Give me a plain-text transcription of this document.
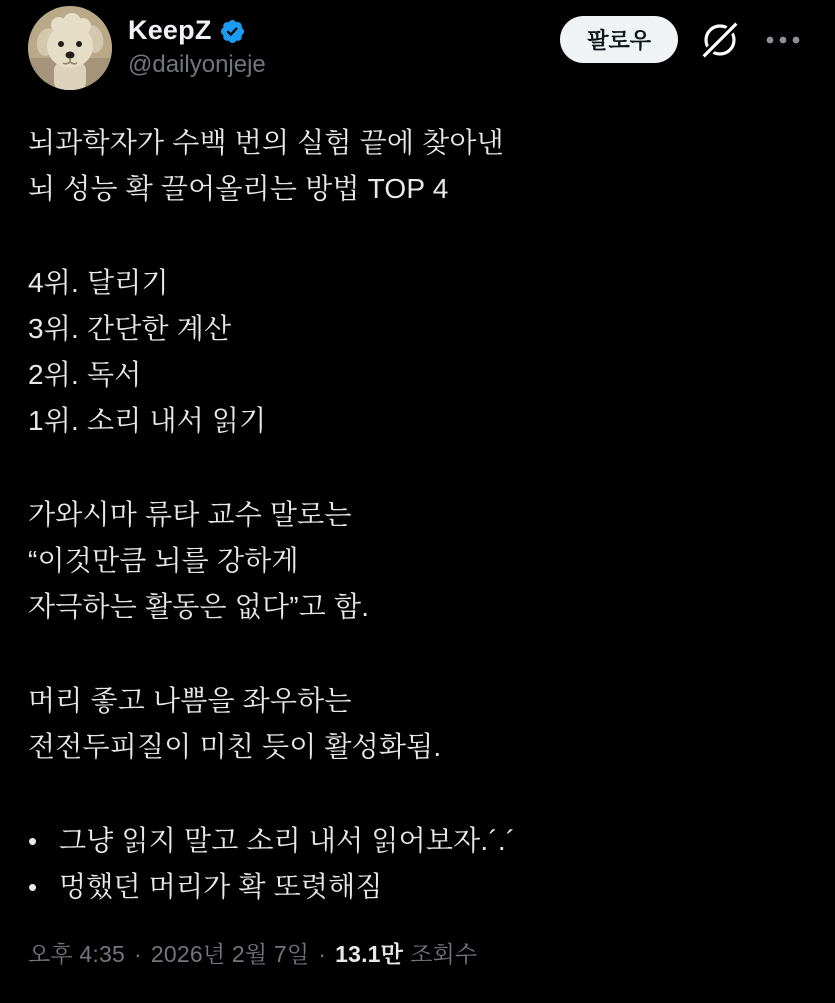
KeepZ
@dailyonjeje
팔로우

뇌과학자가 수백 번의 실험 끝에 찾아낸
뇌 성능 확 끌어올리는 방법 TOP 4

4위. 달리기
3위. 간단한 계산
2위. 독서
1위. 소리 내서 읽기

가와시마 류타 교수 말로는
“이것만큼 뇌를 강하게
자극하는 활동은 없다”고 함.

머리 좋고 나쁨을 좌우하는
전전두피질이 미친 듯이 활성화됨.

• 그냥 읽지 말고 소리 내서 읽어보자.´.´
• 멍했던 머리가 확 또렷해짐
오후 4:35 · 2026년 2월 7일 · 13.1만 조회수
